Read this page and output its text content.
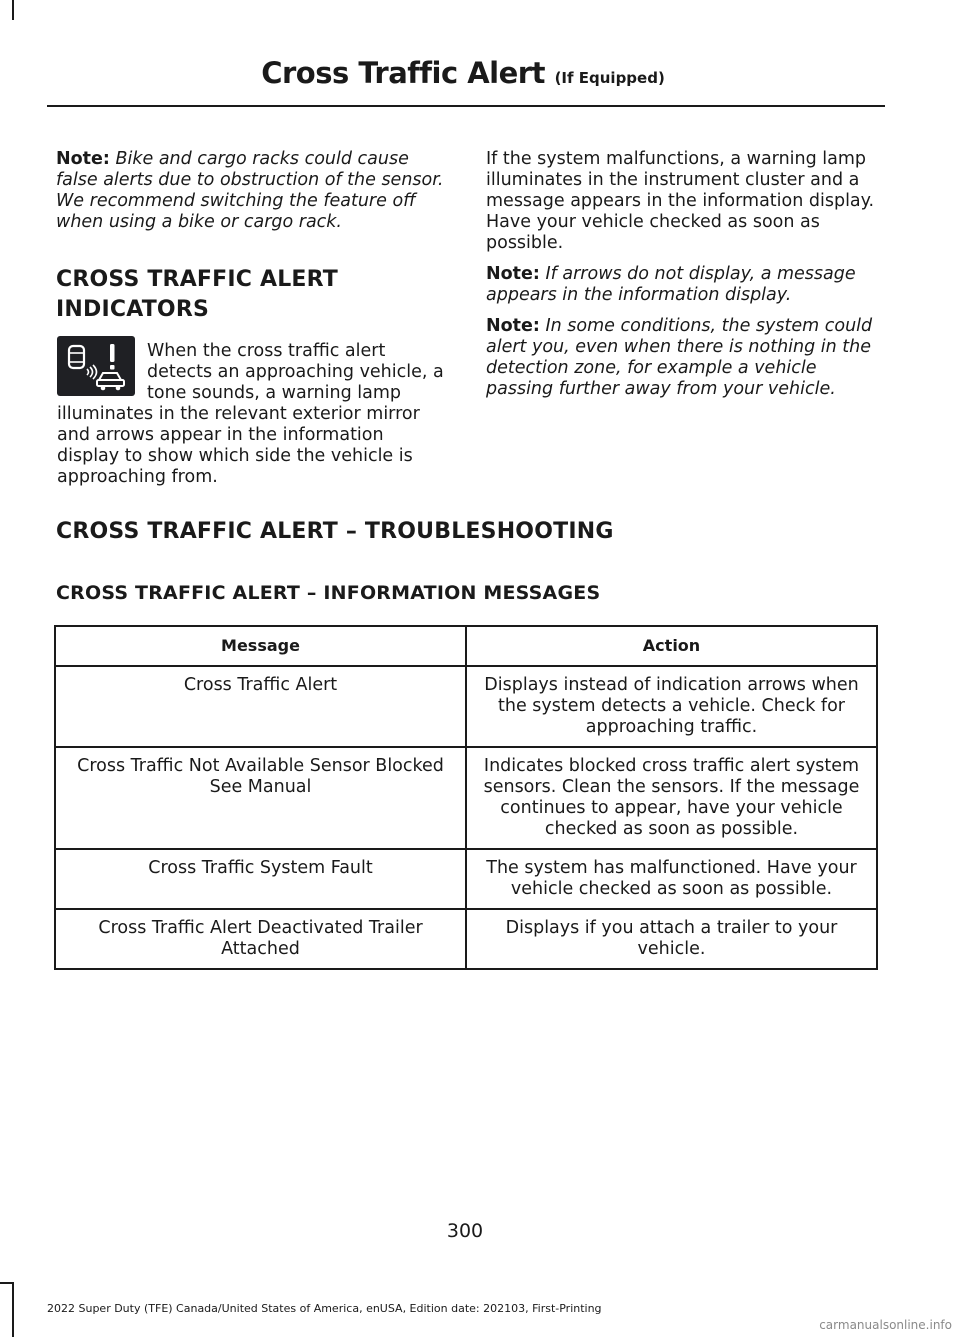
Cross Traffic Alert (If Equipped)

Note: Bike and cargo racks could cause false alerts due to obstruction of the sensor. We recommend switching the feature off when using a bike or cargo rack.

CROSS TRAFFIC ALERT
INDICATORS
When the cross traffic alert detects an approaching vehicle, a tone sounds, a warning lamp illuminates in the relevant exterior mirror and arrows appear in the information display to show which side the vehicle is approaching from.

If the system malfunctions, a warning lamp illuminates in the instrument cluster and a message appears in the information display. Have your vehicle checked as soon as possible.

Note: If arrows do not display, a message appears in the information display.

Note: In some conditions, the system could alert you, even when there is nothing in the detection zone, for example a vehicle passing further away from your vehicle.

CROSS TRAFFIC ALERT – TROUBLESHOOTING
CROSS TRAFFIC ALERT – INFORMATION MESSAGES
Message	Action
Cross Traffic Alert	Displays instead of indication arrows when the system detects a vehicle. Check for approaching traffic.
Cross Traffic Not Available Sensor Blocked See Manual	Indicates blocked cross traffic alert system sensors. Clean the sensors. If the message continues to appear, have your vehicle checked as soon as possible.
Cross Traffic System Fault	The system has malfunctioned. Have your vehicle checked as soon as possible.
Cross Traffic Alert Deactivated Trailer Attached	Displays if you attach a trailer to your vehicle.
300
2022 Super Duty (TFE) Canada/United States of America, enUSA, Edition date: 202103, First-Printing
carmanualsonline.info
